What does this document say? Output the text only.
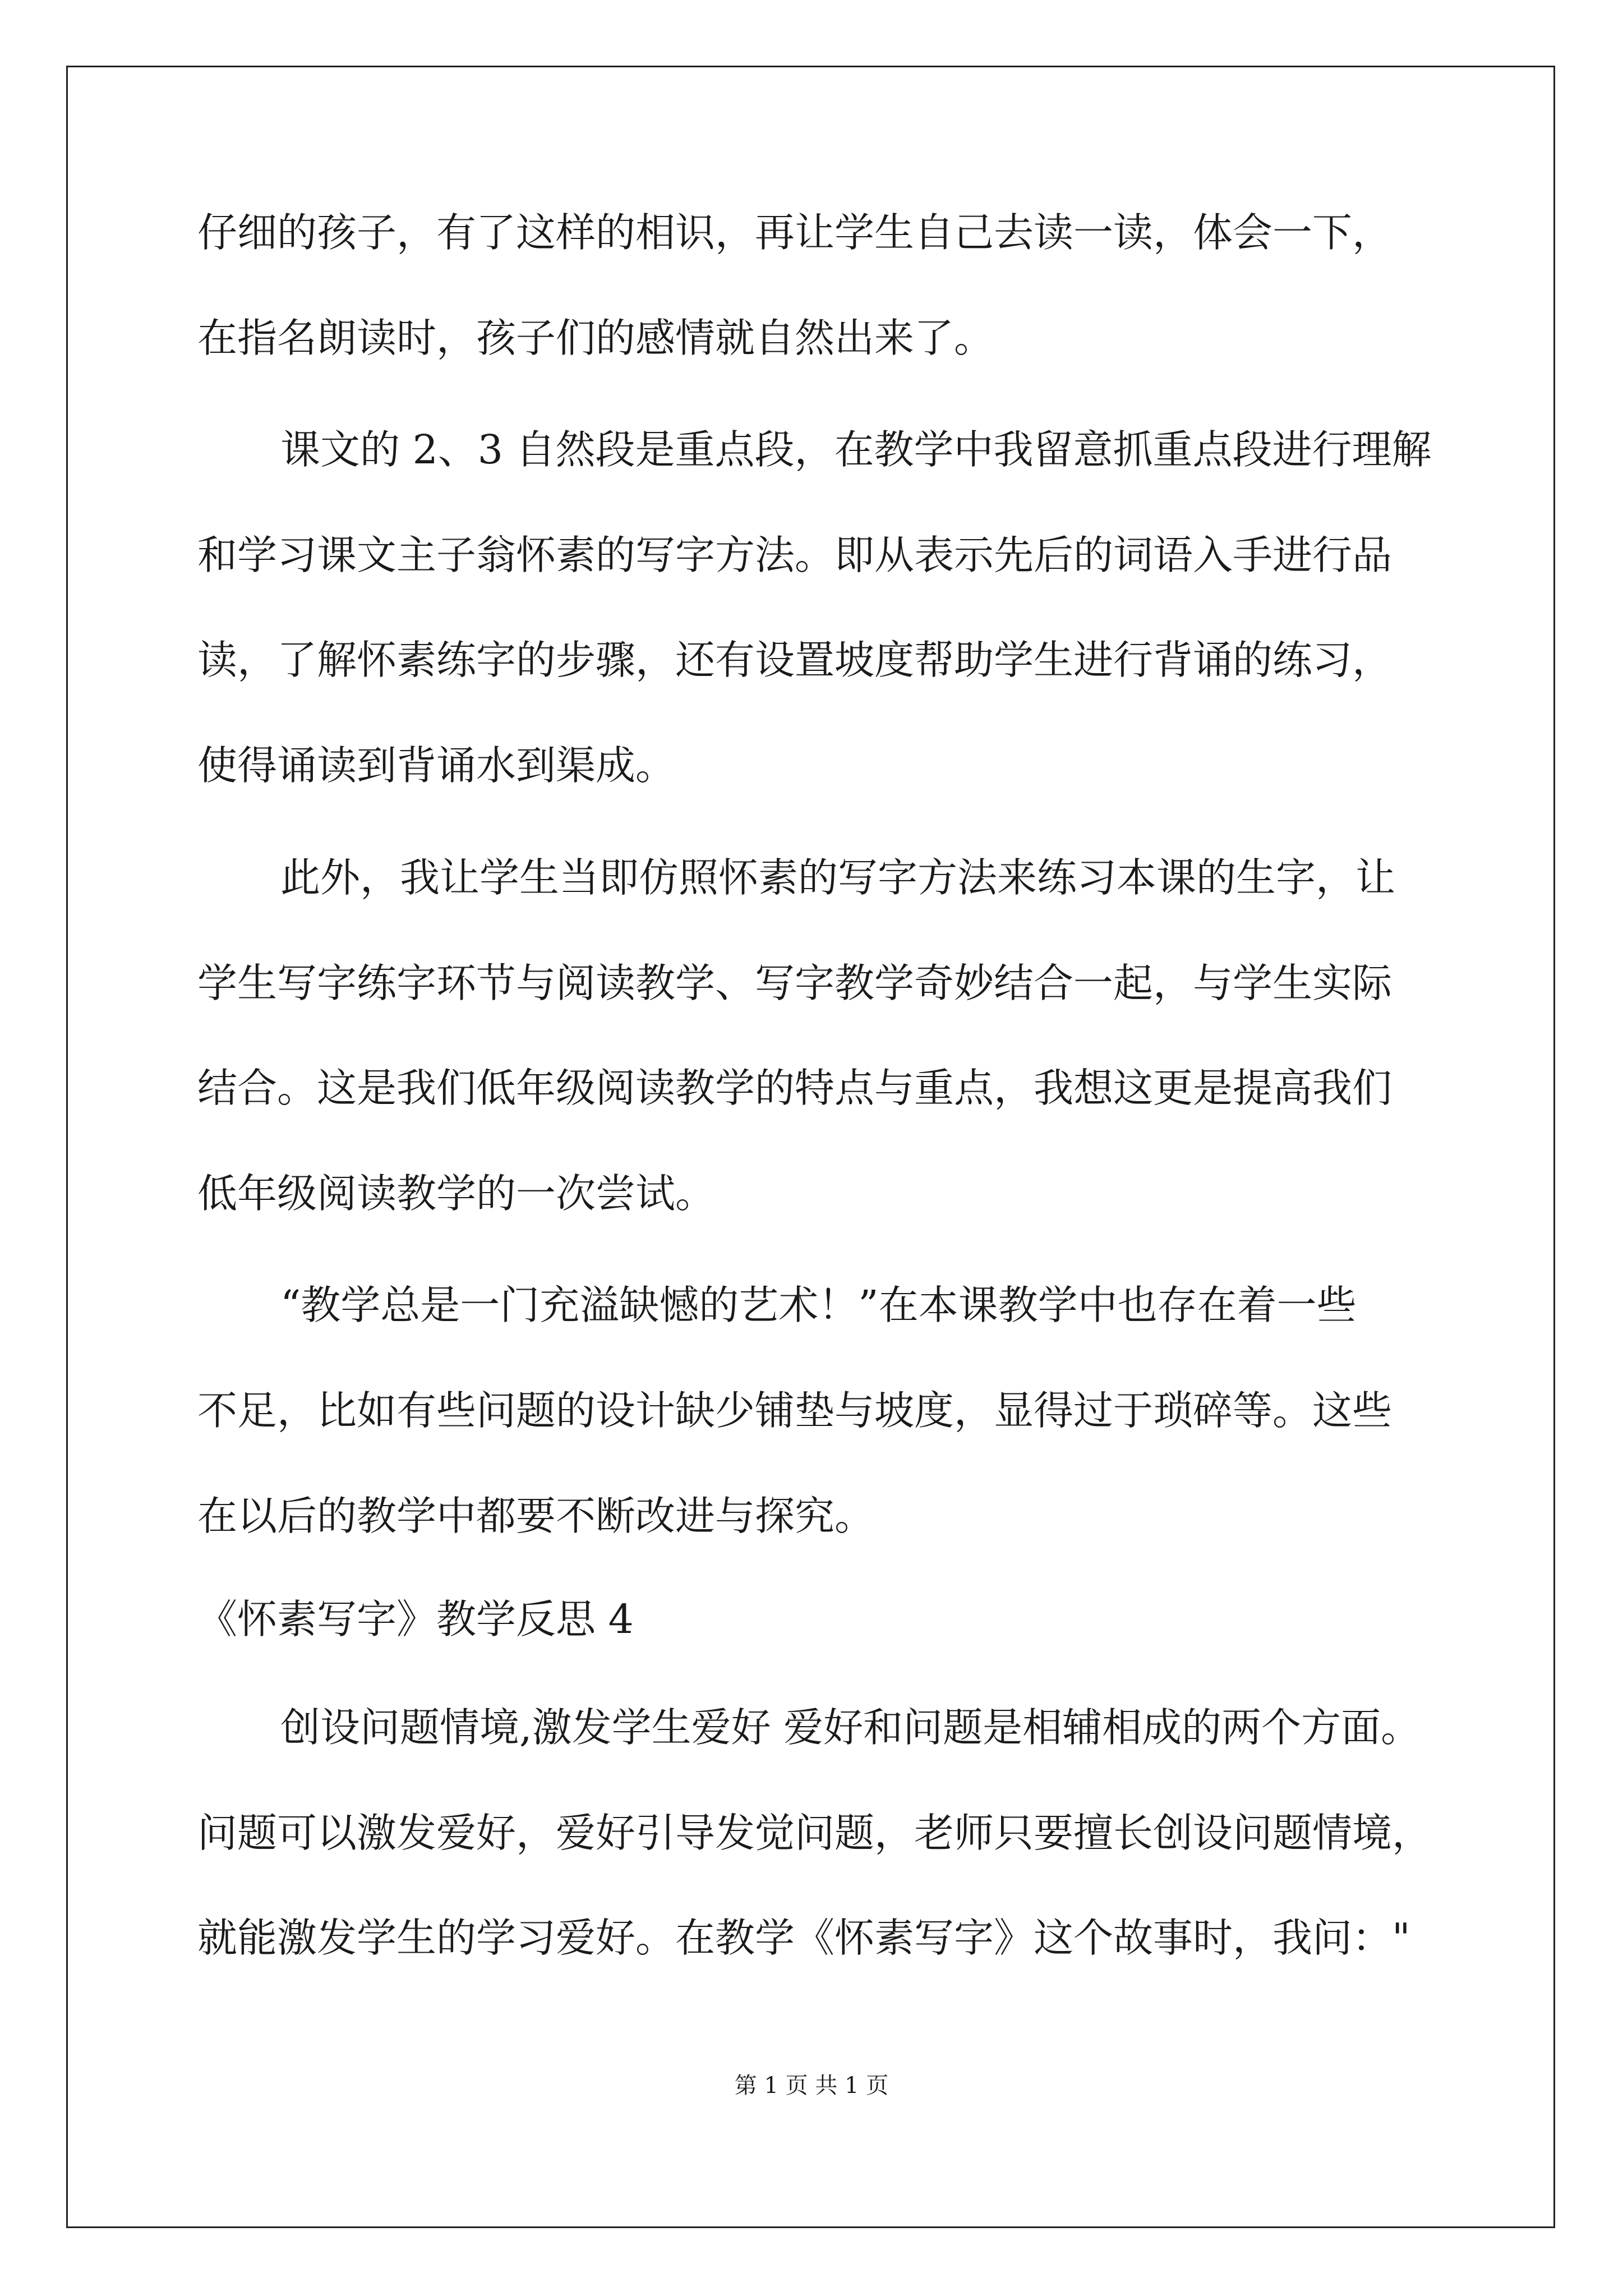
仔细的孩子，有了这样的相识，再让学生自己去读一读，体会一下，
在指名朗读时，孩子们的感情就自然出来了。
课文的 2、3 自然段是重点段，在教学中我留意抓重点段进行理解
和学习课文主子翁怀素的写字方法。即从表示先后的词语入手进行品
读，了解怀素练字的步骤，还有设置坡度帮助学生进行背诵的练习，
使得诵读到背诵水到渠成。
此外，我让学生当即仿照怀素的写字方法来练习本课的生字，让
学生写字练字环节与阅读教学、写字教学奇妙结合一起，与学生实际
结合。这是我们低年级阅读教学的特点与重点，我想这更是提高我们
低年级阅读教学的一次尝试。
“教学总是一门充溢缺憾的艺术！”在本课教学中也存在着一些
不足，比如有些问题的设计缺少铺垫与坡度，显得过于琐碎等。这些
在以后的教学中都要不断改进与探究。
《怀素写字》教学反思 4
创设问题情境,激发学生爱好 爱好和问题是相辅相成的两个方面。
问题可以激发爱好，爱好引导发觉问题，老师只要擅长创设问题情境，
就能激发学生的学习爱好。在教学《怀素写字》这个故事时，我问："
第 1 页 共 1 页
